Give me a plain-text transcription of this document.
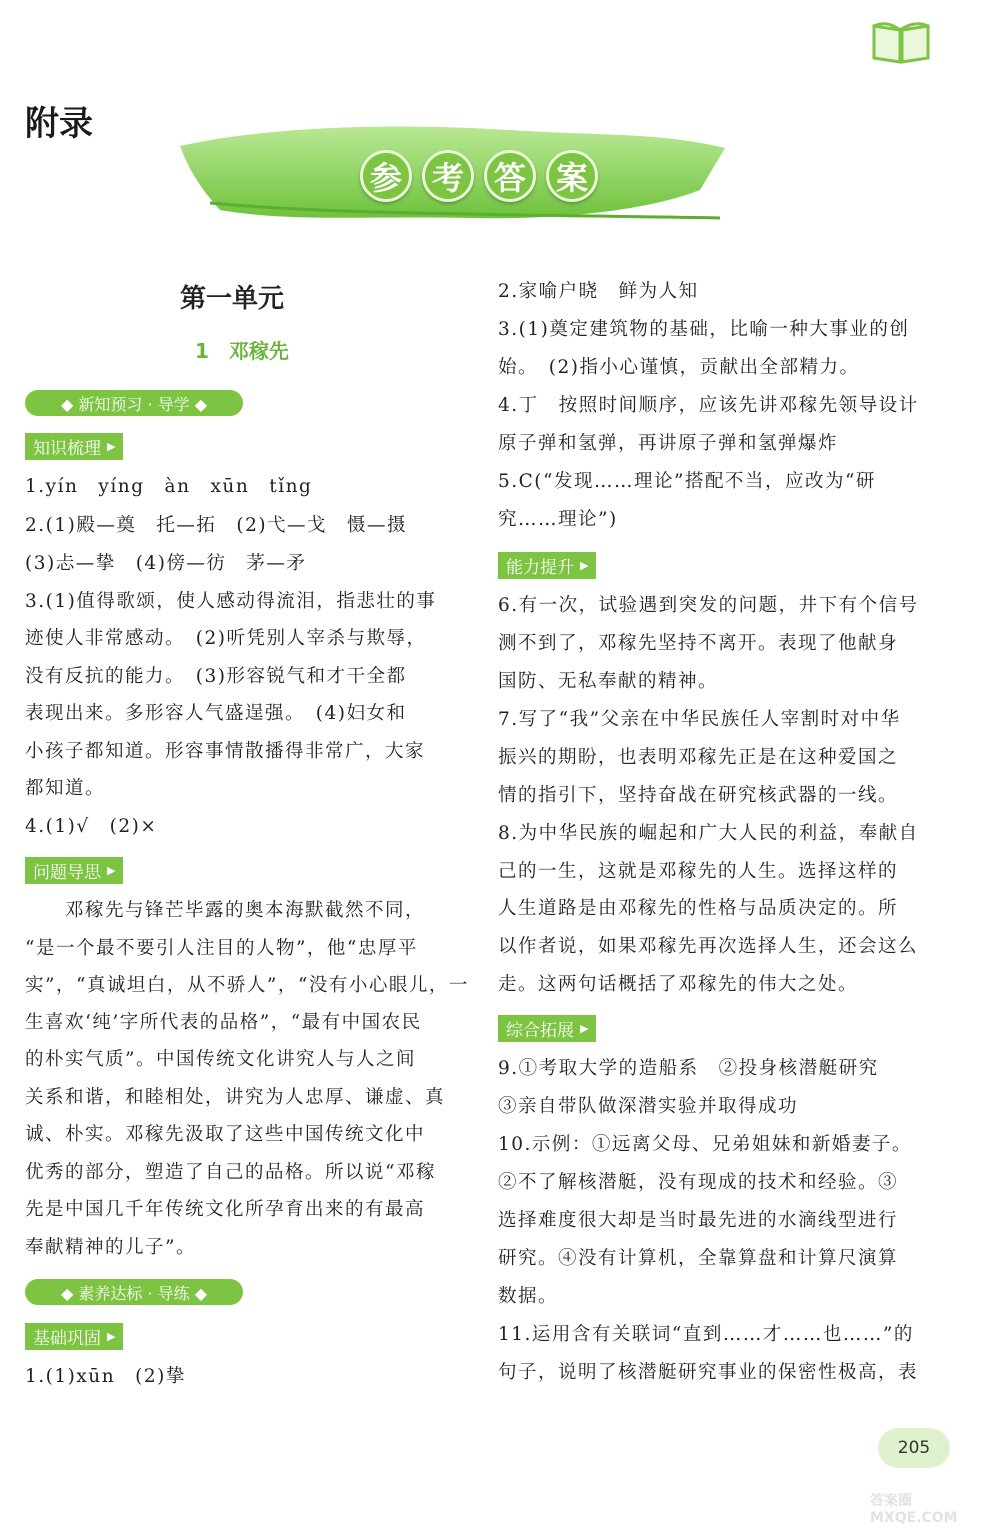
附录
参 考 答 案
第一单元
1　邓稼先
◆ 新知预习 · 导学 ◆
知识梳理 ▶
1.yín　yíng　àn　xūn　tǐng
2.(1)殿—奠　托—拓　(2)弋—戈　慑—摄
(3)忐—挚　(4)傍—彷　茅—矛
3.(1)值得歌颂，使人感动得流泪，指悲壮的事
迹使人非常感动。　(2)听凭别人宰杀与欺辱，
没有反抗的能力。　(3)形容锐气和才干全都
表现出来。多形容人气盛逞强。　(4)妇女和
小孩子都知道。形容事情散播得非常广，大家
都知道。
4.(1)√　(2)×
问题导思 ▶
　　邓稼先与锋芒毕露的奥本海默截然不同，
“是一个最不要引人注目的人物”，他“忠厚平
实”，“真诚坦白，从不骄人”，“没有小心眼儿，一
生喜欢‘纯’字所代表的品格”，“最有中国农民
的朴实气质”。中国传统文化讲究人与人之间
关系和谐，和睦相处，讲究为人忠厚、谦虚、真
诚、朴实。邓稼先汲取了这些中国传统文化中
优秀的部分，塑造了自己的品格。所以说“邓稼
先是中国几千年传统文化所孕育出来的有最高
奉献精神的儿子”。
◆ 素养达标 · 导练 ◆
基础巩固 ▶
1.(1)xūn　(2)挚
2.家喻户晓　鲜为人知
3.(1)奠定建筑物的基础，比喻一种大事业的创
始。　(2)指小心谨慎，贡献出全部精力。
4.丁　按照时间顺序，应该先讲邓稼先领导设计
原子弹和氢弹，再讲原子弹和氢弹爆炸
5.C(“发现……理论”搭配不当，应改为“研
究……理论”)
能力提升 ▶
6.有一次，试验遇到突发的问题，井下有个信号
测不到了，邓稼先坚持不离开。表现了他献身
国防、无私奉献的精神。
7.写了“我”父亲在中华民族任人宰割时对中华
振兴的期盼，也表明邓稼先正是在这种爱国之
情的指引下，坚持奋战在研究核武器的一线。
8.为中华民族的崛起和广大人民的利益，奉献自
己的一生，这就是邓稼先的人生。选择这样的
人生道路是由邓稼先的性格与品质决定的。所
以作者说，如果邓稼先再次选择人生，还会这么
走。这两句话概括了邓稼先的伟大之处。
综合拓展 ▶
9.①考取大学的造船系　②投身核潜艇研究
③亲自带队做深潜实验并取得成功
10.示例：①远离父母、兄弟姐妹和新婚妻子。
②不了解核潜艇，没有现成的技术和经验。③
选择难度很大却是当时最先进的水滴线型进行
研究。④没有计算机，全靠算盘和计算尺演算
数据。
11.运用含有关联词“直到……才……也……”的
句子，说明了核潜艇研究事业的保密性极高，表
205
答案圈 MXQE.COM
